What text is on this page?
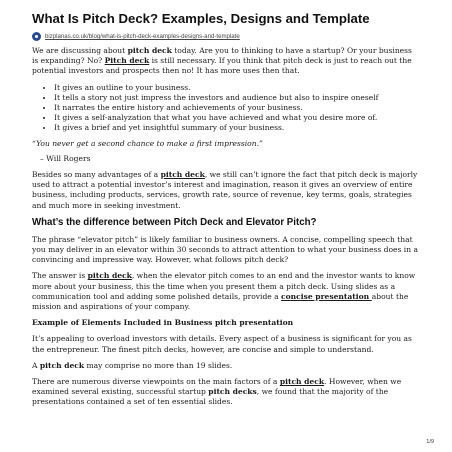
What Is Pitch Deck? Examples, Designs and Template
bizplanas.co.uk/blog/what-is-pitch-deck-examples-designs-and-template

We are discussing about pitch deck today. Are you to thinking to have a startup? Or your business is expanding? No? Pitch deck is still necessary. If you think that pitch deck is just to reach out the potential investors and prospects then no! It has more uses then that.

• It gives an outline to your business.
• It tells a story not just impress the investors and audience but also to inspire oneself
• It narrates the entire history and achievements of your business.
• It gives a self-analyzation that what you have achieved and what you desire more of.
• It gives a brief and yet insightful summary of your business.

“You never get a second chance to make a first impression.”

– Will Rogers

Besides so many advantages of a pitch deck, we still can’t ignore the fact that pitch deck is majorly used to attract a potential investor’s interest and imagination, reason it gives an overview of entire business, including products, services, growth rate, source of revenue, key terms, goals, strategies and much more in seeking investment.

What’s the difference between Pitch Deck and Elevator Pitch?

The phrase “elevator pitch” is likely familiar to business owners. A concise, compelling speech that you may deliver in an elevator within 30 seconds to attract attention to what your business does in a convincing and impressive way. However, what follows pitch deck?

The answer is pitch deck, when the elevator pitch comes to an end and the investor wants to know more about your business, this the time when you present them a pitch deck. Using slides as a communication tool and adding some polished details, provide a concise presentation about the mission and aspirations of your company.

Example of Elements Included in Business pitch presentation

It’s appealing to overload investors with details. Every aspect of a business is significant for you as the entrepreneur. The finest pitch decks, however, are concise and simple to understand.

A pitch deck may comprise no more than 19 slides.

There are numerous diverse viewpoints on the main factors of a pitch deck. However, when we examined several existing, successful startup pitch decks, we found that the majority of the presentations contained a set of ten essential slides.

1/9
